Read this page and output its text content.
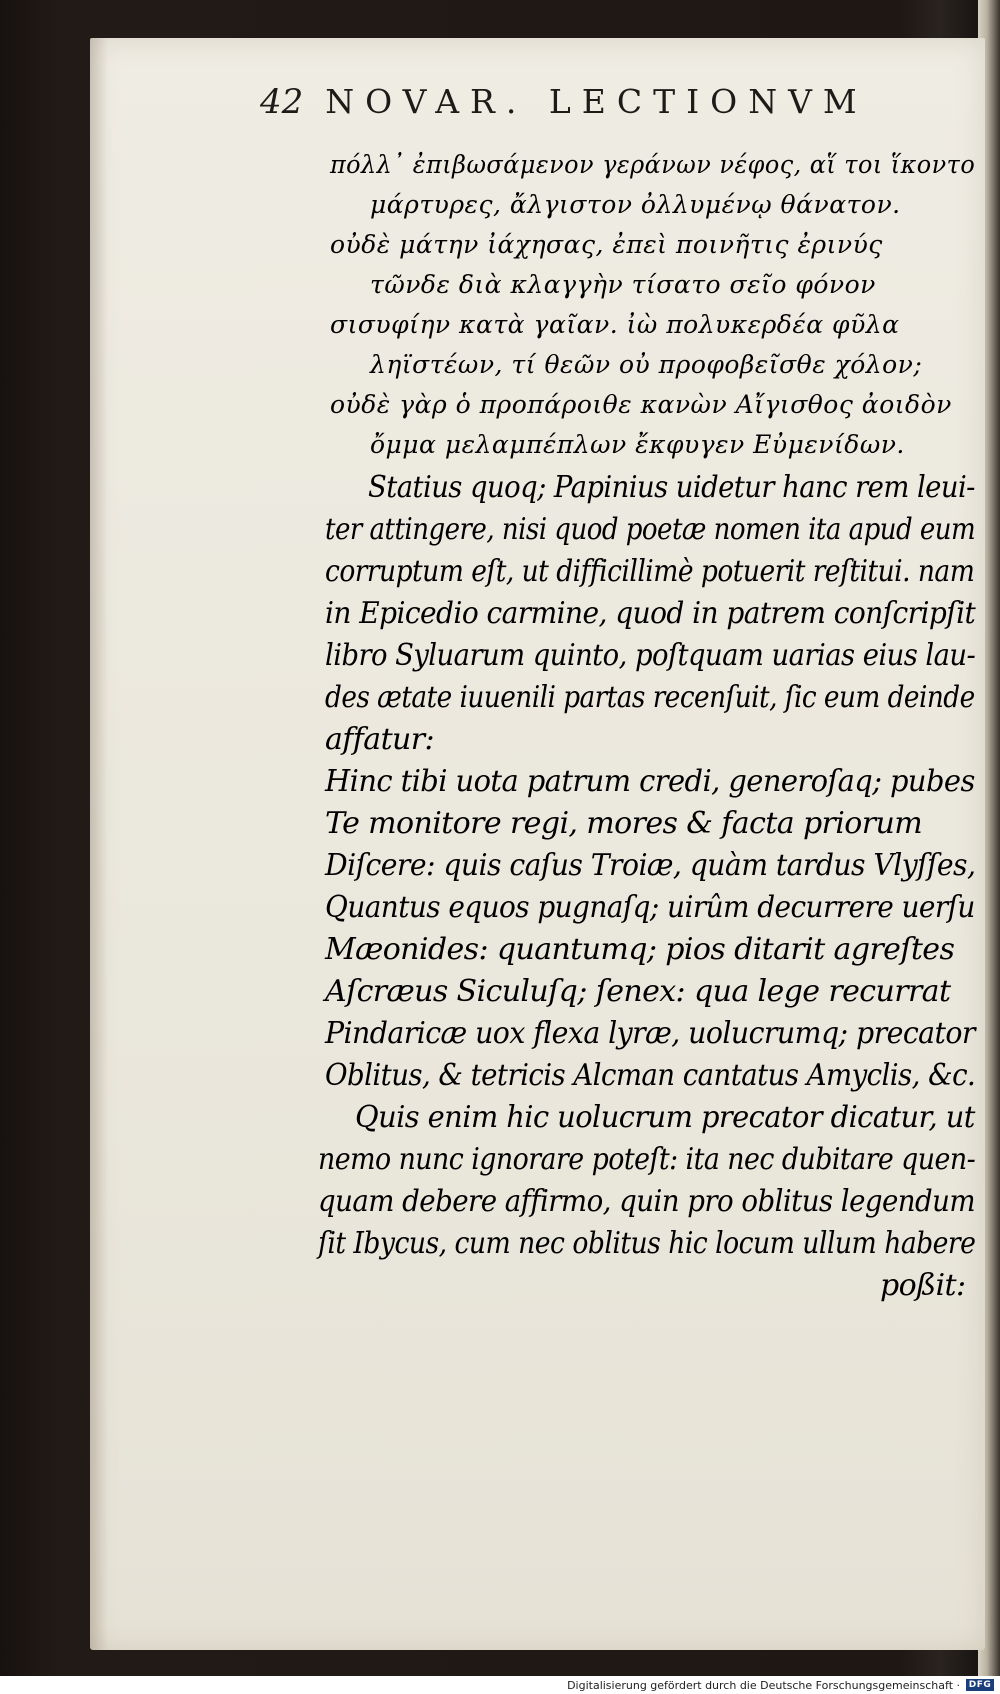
42 NOVAR. LECTIONVM
πόλλ᾽ ἐπιβωσάμενον γεράνων νέφος, αἵ τοι ἵκοντο
μάρτυρες, ἄλγιστον ὀλλυμένῳ θάνατον.
οὐδὲ μάτην ἰάχησας, ἐπεὶ ποινῆτις ἐρινύς
τῶνδε διὰ κλαγγὴν τίσατο σεῖο φόνον
σισυφίην κατὰ γαῖαν. ἰὼ πολυκερδέα φῦλα
ληϊστέων, τί θεῶν οὐ προφοβεῖσθε χόλον;
οὐδὲ γὰρ ὁ προπάροιθε κανὼν Αἴγισθος ἀοιδὸν
ὄμμα μελαμπέπλων ἔκφυγεν Εὐμενίδων.
Statius quoq; Papinius uidetur hanc rem leui-
ter attingere, nisi quod poetæ nomen ita apud eum
corruptum eſt, ut difficillimè potuerit reſtitui. nam
in Epicedio carmine, quod in patrem conſcripſit
libro Syluarum quinto, poſtquam uarias eius lau-
des ætate iuuenili partas recenſuit, ſic eum deinde
affatur:
Hinc tibi uota patrum credi, generoſaq; pubes
Te monitore regi, mores & facta priorum
Diſcere: quis caſus Troiæ, quàm tardus Vlyſſes,
Quantus equos pugnaſq; uirûm decurrere uerſu
Mæonides: quantumq; pios ditarit agreſtes
Aſcræus Siculuſq; ſenex: qua lege recurrat
Pindaricæ uox flexa lyræ, uolucrumq; precator
Oblitus, & tetricis Alcman cantatus Amyclis, &c.
Quis enim hic uolucrum precator dicatur, ut
nemo nunc ignorare poteſt: ita nec dubitare quen-
quam debere affirmo, quin pro oblitus legendum
ſit Ibycus, cum nec oblitus hic locum ullum habere
poßit:
Digitalisierung gefördert durch die Deutsche Forschungsgemeinschaft · DFG
